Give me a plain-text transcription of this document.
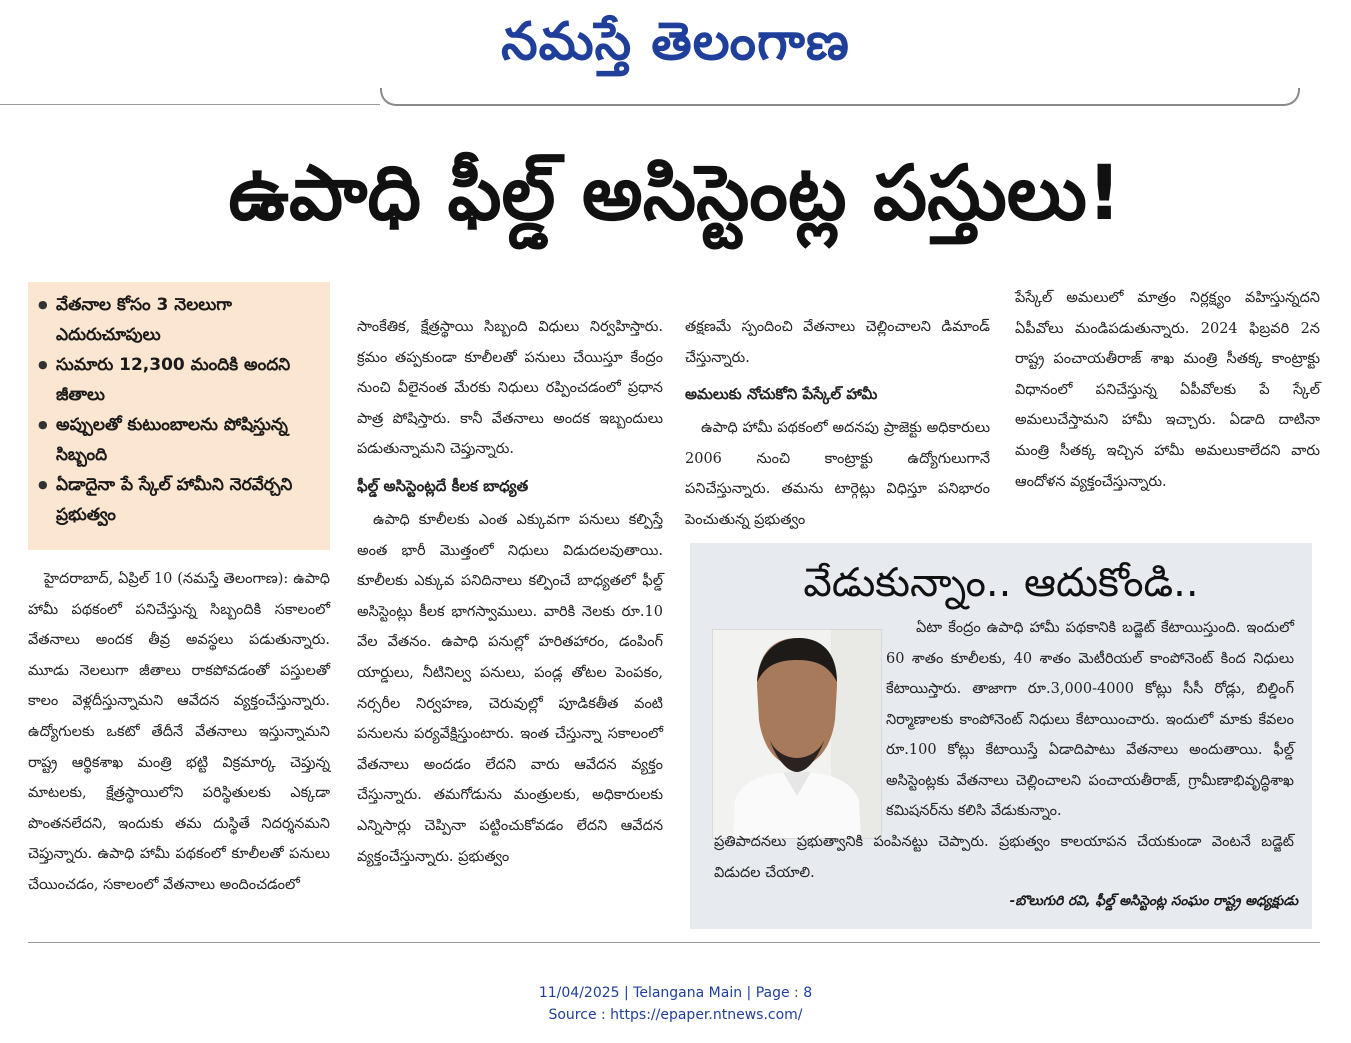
నమస్తే తెలంగాణ
ఉపాధి ఫీల్డ్ అసిస్టెంట్ల పస్తులు!
● వేతనాల కోసం 3 నెలలుగా ఎదురుచూపులు
● సుమారు 12,300 మందికి అందని జీతాలు
● అప్పులతో కుటుంబాలను పోషిస్తున్న సిబ్బంది
● ఏడాదైనా పే స్కేల్ హామీని నెరవేర్చని ప్రభుత్వం

హైదరాబాద్, ఏప్రిల్ 10 (నమస్తే తెలంగాణ): ఉపాధి హామీ పథకంలో పనిచేస్తున్న సిబ్బందికి సకాలంలో వేతనాలు అందక తీవ్ర అవస్థలు పడుతున్నారు. మూడు నెలలుగా జీతాలు రాకపోవడంతో పస్తులతో కాలం వెళ్లదీస్తున్నామని ఆవేదన వ్యక్తంచేస్తున్నారు. ఉద్యోగులకు ఒకటో తేదీనే వేతనాలు ఇస్తున్నామని రాష్ట్ర ఆర్థికశాఖ మంత్రి భట్టి విక్రమార్క చెప్తున్న మాటలకు, క్షేత్రస్థాయిలోని పరిస్థితులకు ఎక్కడా పొంతనలేదని, ఇందుకు తమ దుస్థితే నిదర్శనమని చెప్తున్నారు. ఉపాధి హామీ పథకంలో కూలీలతో పనులు చేయించడం, సకాలంలో వేతనాలు అందించడంలో

సాంకేతిక, క్షేత్రస్థాయి సిబ్బంది విధులు నిర్వహిస్తారు. క్రమం తప్పకుండా కూలీలతో పనులు చేయిస్తూ కేంద్రం నుంచి వీలైనంత మేరకు నిధులు రప్పించడంలో ప్రధాన పాత్ర పోషిస్తారు. కానీ వేతనాలు అందక ఇబ్బందులు పడుతున్నామని చెప్తున్నారు.

ఫీల్డ్ అసిస్టెంట్లదే కీలక బాధ్యత

ఉపాధి కూలీలకు ఎంత ఎక్కువగా పనులు కల్పిస్తే అంత భారీ మొత్తంలో నిధులు విడుదలవుతాయి. కూలీలకు ఎక్కువ పనిదినాలు కల్పించే బాధ్యతలో ఫీల్డ్ అసిస్టెంట్లు కీలక భాగస్వాములు. వారికి నెలకు రూ.10 వేల వేతనం. ఉపాధి పనుల్లో హరితహారం, డంపింగ్ యార్డులు, నీటినిల్వ పనులు, పండ్ల తోటల పెంపకం, నర్సరీల నిర్వహణ, చెరువుల్లో పూడికతీత వంటి పనులను పర్యవేక్షిస్తుంటారు. ఇంత చేస్తున్నా సకాలంలో వేతనాలు అందడం లేదని వారు ఆవేదన వ్యక్తం చేస్తున్నారు. తమగోడును మంత్రులకు, అధికారులకు ఎన్నిసార్లు చెప్పినా పట్టించుకోవడం లేదని ఆవేదన వ్యక్తంచేస్తున్నారు. ప్రభుత్వం

తక్షణమే స్పందించి వేతనాలు చెల్లించాలని డిమాండ్ చేస్తున్నారు.

అమలుకు నోచుకోని పేస్కేల్ హామీ

ఉపాధి హామీ పథకంలో అదనపు ప్రాజెక్టు అధికారులు 2006 నుంచి కాంట్రాక్టు ఉద్యోగులుగానే పనిచేస్తున్నారు. తమను టార్గెట్లు విధిస్తూ పనిభారం పెంచుతున్న ప్రభుత్వం

పేస్కేల్ అమలులో మాత్రం నిర్లక్ష్యం వహిస్తున్నదని ఏపీవోలు మండిపడుతున్నారు. 2024 ఫిబ్రవరి 2న రాష్ట్ర పంచాయతీరాజ్ శాఖ మంత్రి సీతక్క కాంట్రాక్టు విధానంలో పనిచేస్తున్న ఏపీవోలకు పే స్కేల్ అమలుచేస్తామని హామీ ఇచ్చారు. ఏడాది దాటినా మంత్రి సీతక్క ఇచ్చిన హామీ అమలుకాలేదని వారు ఆందోళన వ్యక్తంచేస్తున్నారు.

వేడుకున్నాం.. ఆదుకోండి..
ఏటా కేంద్రం ఉపాధి హామీ పథకానికి బడ్జెట్ కేటాయిస్తుంది. ఇందులో 60 శాతం కూలీలకు, 40 శాతం మెటీరియల్ కాంపోనెంట్ కింద నిధులు కేటాయిస్తారు. తాజాగా రూ.3,000-4000 కోట్లు సీసీ రోడ్లు, బిల్డింగ్ నిర్మాణాలకు కాంపోనెంట్ నిధులు కేటాయించారు. ఇందులో మాకు కేవలం రూ.100 కోట్లు కేటాయిస్తే ఏడాదిపాటు వేతనాలు అందుతాయి. ఫీల్డ్ అసిస్టెంట్లకు వేతనాలు చెల్లించాలని పంచాయతీరాజ్, గ్రామీణాభివృద్ధిశాఖ కమిషనర్‌ను కలిసి వేడుకున్నాం.
ప్రతిపాదనలు ప్రభుత్వానికి పంపినట్టు చెప్పారు. ప్రభుత్వం కాలయాపన చేయకుండా వెంటనే బడ్జెట్ విడుదల చేయాలి.
-బొలుగురి రవి, ఫీల్డ్ అసిస్టెంట్ల సంఘం రాష్ట్ర అధ్యక్షుడు
11/04/2025 | Telangana Main | Page : 8
Source : https://epaper.ntnews.com/
